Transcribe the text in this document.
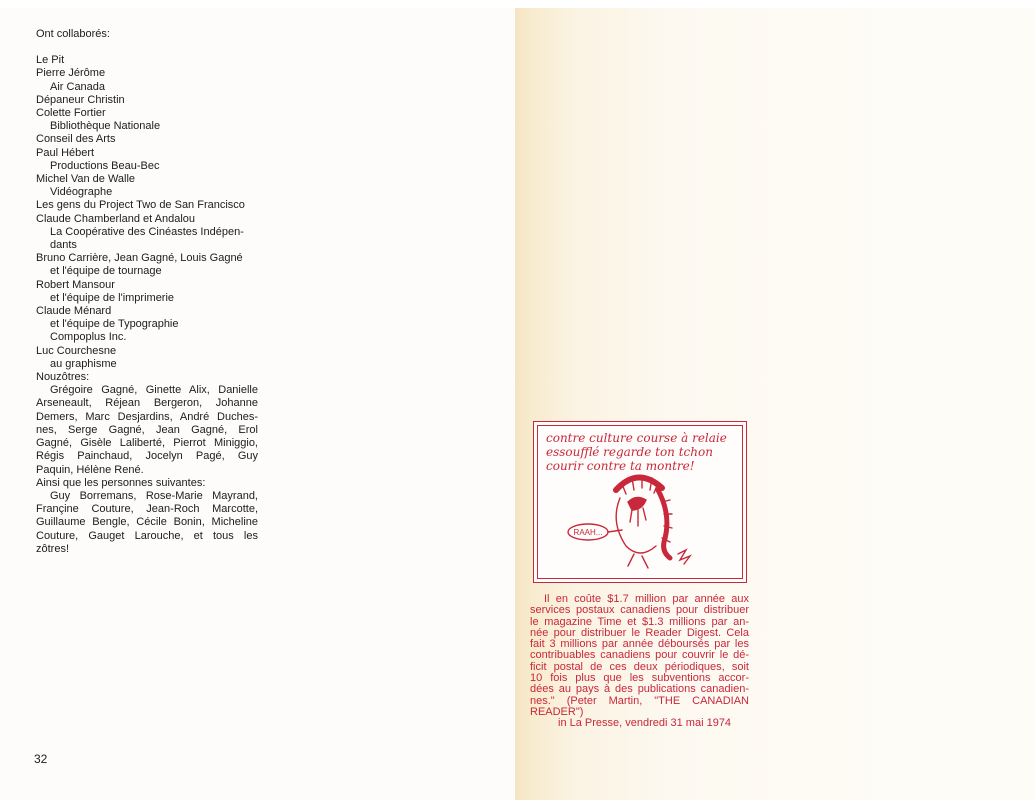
Ont collaborés:
Le Pit
Pierre Jérôme
Air Canada
Dépaneur Christin
Colette Fortier
Bibliothèque Nationale
Conseil des Arts
Paul Hébert
Productions Beau-Bec
Michel Van de Walle
Vidéographe
Les gens du Project Two de San Francisco
Claude Chamberland et Andalou
La Coopérative des Cinéastes Indépen-
dants
Bruno Carrière, Jean Gagné, Louis Gagné
et l'équipe de tournage
Robert Mansour
et l'équipe de l'imprimerie
Claude Ménard
et l'équipe de Typographie
Compoplus Inc.
Luc Courchesne
au graphisme
Nouzôtres:
Grégoire Gagné, Ginette Alix, Danielle
Arseneault, Réjean Bergeron, Johanne
Demers, Marc Desjardins, André Duches-
nes, Serge Gagné, Jean Gagné, Erol
Gagné, Gisèle Laliberté, Pierrot Miniggio,
Régis Painchaud, Jocelyn Pagé, Guy
Paquin, Hélène René.
Ainsi que les personnes suivantes:
Guy Borremans, Rose-Marie Mayrand,
Françine Couture, Jean-Roch Marcotte,
Guillaume Bengle, Cécile Bonin, Micheline
Couture, Gauget Larouche, et tous les
zôtres!
32
contre culture course à relaie
essoufflé regarde ton tchon
courir contre ta montre!
RAAH...
Il en coûte $1.7 million par année aux
services postaux canadiens pour distribuer
le magazine Time et $1.3 millions par an-
née pour distribuer le Reader Digest. Cela
fait 3 millions par année déboursés par les
contribuables canadiens pour couvrir le dé-
ficit postal de ces deux périodiques, soit
10 fois plus que les subventions accor-
dées au pays à des publications canadien-
nes." (Peter Martin, "THE CANADIAN
READER")
in La Presse, vendredi 31 mai 1974
